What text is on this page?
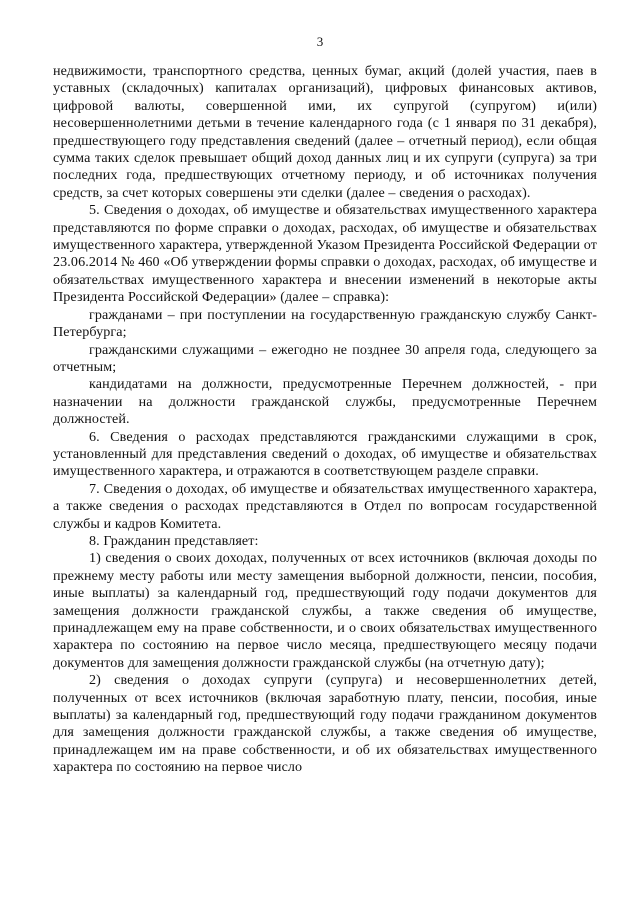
3

недвижимости, транспортного средства, ценных бумаг, акций (долей участия, паев в уставных (складочных) капиталах организаций), цифровых финансовых активов, цифровой валюты, совершенной ими, их супругой (супругом) и(или) несовершеннолетними детьми в течение календарного года (с 1 января по 31 декабря), предшествующего году представления сведений (далее – отчетный период), если общая сумма таких сделок превышает общий доход данных лиц и их супруги (супруга) за три последних года, предшествующих отчетному периоду, и об источниках получения средств, за счет которых совершены эти сделки (далее – сведения о расходах).

5. Сведения о доходах, об имуществе и обязательствах имущественного характера представляются по форме справки о доходах, расходах, об имуществе и обязательствах имущественного характера, утвержденной Указом Президента Российской Федерации от 23.06.2014 № 460 «Об утверждении формы справки о доходах, расходах, об имуществе и обязательствах имущественного характера и внесении изменений в некоторые акты Президента Российской Федерации» (далее – справка):

гражданами – при поступлении на государственную гражданскую службу Санкт-Петербурга;

гражданскими служащими – ежегодно не позднее 30 апреля года, следующего за отчетным;

кандидатами на должности, предусмотренные Перечнем должностей, - при назначении на должности гражданской службы, предусмотренные Перечнем должностей.

6. Сведения о расходах представляются гражданскими служащими в срок, установленный для представления сведений о доходах, об имуществе и обязательствах имущественного характера, и отражаются в соответствующем разделе справки.

7. Сведения о доходах, об имуществе и обязательствах имущественного характера, а также сведения о расходах представляются в Отдел по вопросам государственной службы и кадров Комитета.

8. Гражданин представляет:

1) сведения о своих доходах, полученных от всех источников (включая доходы по прежнему месту работы или месту замещения выборной должности, пенсии, пособия, иные выплаты) за календарный год, предшествующий году подачи документов для замещения должности гражданской службы, а также сведения об имуществе, принадлежащем ему на праве собственности, и о своих обязательствах имущественного характера по состоянию на первое число месяца, предшествующего месяцу подачи документов для замещения должности гражданской службы (на отчетную дату);

2) сведения о доходах супруги (супруга) и несовершеннолетних детей, полученных от всех источников (включая заработную плату, пенсии, пособия, иные выплаты) за календарный год, предшествующий году подачи гражданином документов для замещения должности гражданской службы, а также сведения об имуществе, принадлежащем им на праве собственности, и об их обязательствах имущественного характера по состоянию на первое число
